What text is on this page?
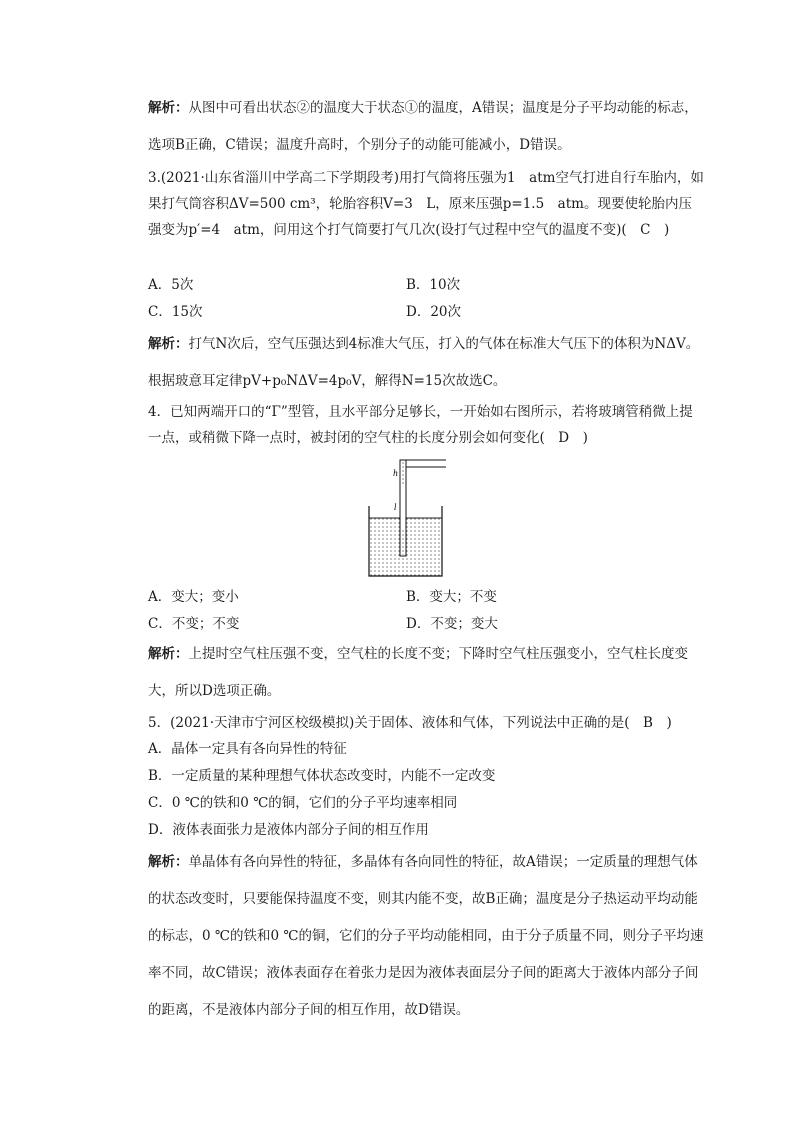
解析：从图中可看出状态②的温度大于状态①的温度，A错误；温度是分子平均动能的标志，选项B正确，C错误；温度升高时，个别分子的动能可能减小，D错误。
3.(2021·山东省淄川中学高二下学期段考)用打气筒将压强为1　atm空气打进自行车胎内，如果打气筒容积ΔV=500 cm³，轮胎容积V=3　L，原来压强p=1.5　atm。现要使轮胎内压强变为p′=4　atm，问用这个打气筒要打气几次(设打气过程中空气的温度不变)(　C　)
A．5次	B．10次
C．15次	D．20次
解析：打气N次后，空气压强达到4标准大气压，打入的气体在标准大气压下的体积为NΔV。根据玻意耳定律pV+p₀NΔV=4p₀V，解得N=15次故选C。
4．已知两端开口的“Γ”型管，且水平部分足够长，一开始如右图所示，若将玻璃管稍微上提一点，或稍微下降一点时，被封闭的空气柱的长度分别会如何变化(　D　)
h
l
A．变大；变小	B．变大；不变
C．不变；不变	D．不变；变大
解析：上提时空气柱压强不变，空气柱的长度不变；下降时空气柱压强变小，空气柱长度变大，所以D选项正确。
5．(2021·天津市宁河区校级模拟)关于固体、液体和气体，下列说法中正确的是(　B　)
A．晶体一定具有各向异性的特征
B．一定质量的某种理想气体状态改变时，内能不一定改变
C．0 ℃的铁和0 ℃的铜，它们的分子平均速率相同
D．液体表面张力是液体内部分子间的相互作用
解析：单晶体有各向异性的特征，多晶体有各向同性的特征，故A错误；一定质量的理想气体的状态改变时，只要能保持温度不变，则其内能不变，故B正确；温度是分子热运动平均动能的标志，0 ℃的铁和0 ℃的铜，它们的分子平均动能相同，由于分子质量不同，则分子平均速率不同，故C错误；液体表面存在着张力是因为液体表面层分子间的距离大于液体内部分子间的距离，不是液体内部分子间的相互作用，故D错误。
